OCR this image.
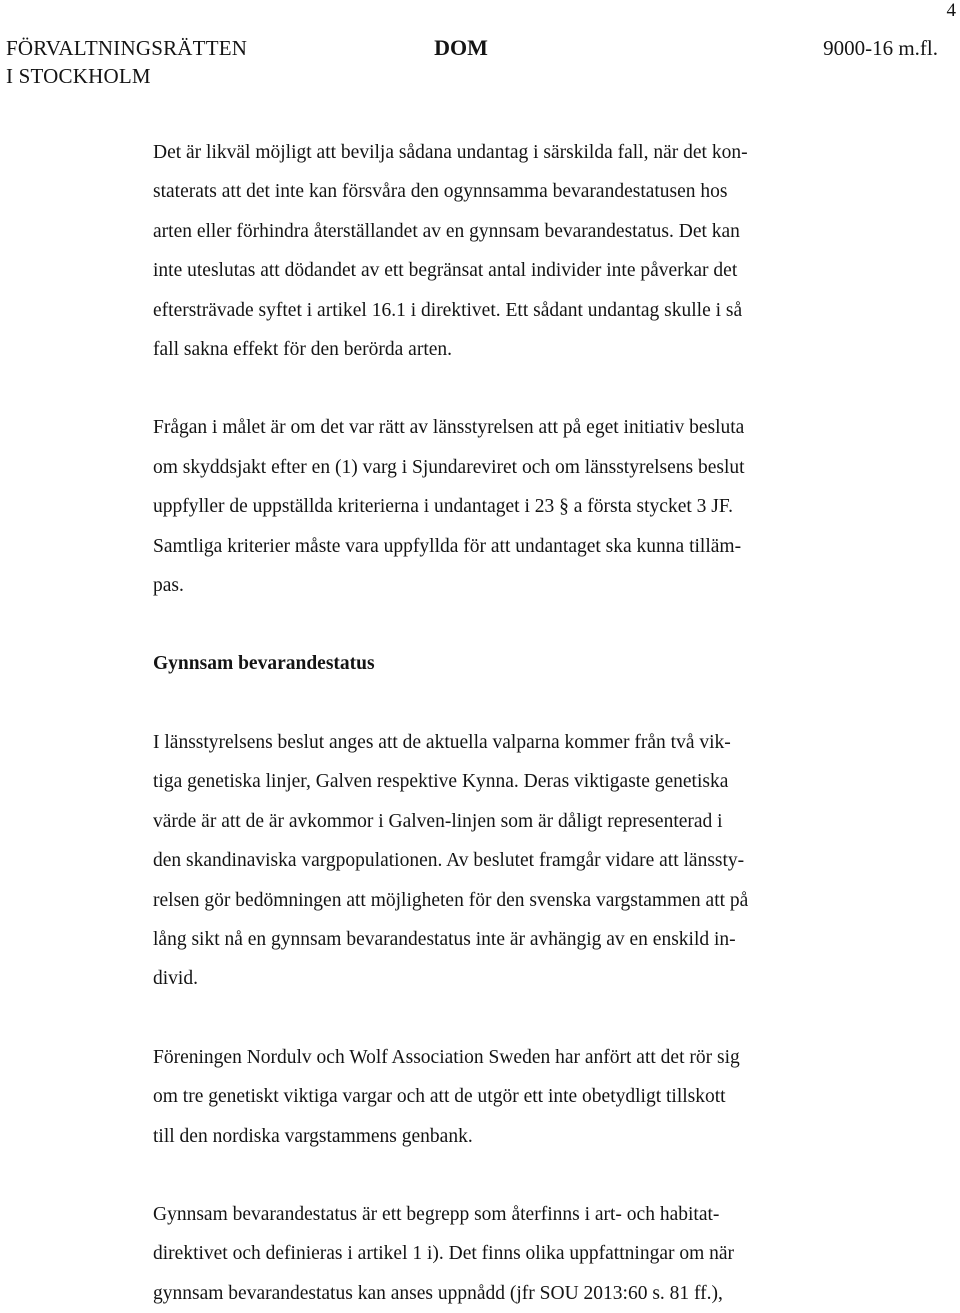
4
FÖRVALTNINGSRÄTTEN
I STOCKHOLM
DOM	9000-16 m.fl.

Det är likväl möjligt att bevilja sådana undantag i särskilda fall, när det kon-
staterats att det inte kan försvåra den ogynnsamma bevarandestatusen hos
arten eller förhindra återställandet av en gynnsam bevarandestatus. Det kan
inte uteslutas att dödandet av ett begränsat antal individer inte påverkar det
eftersträvade syftet i artikel 16.1 i direktivet. Ett sådant undantag skulle i så
fall sakna effekt för den berörda arten.

Frågan i målet är om det var rätt av länsstyrelsen att på eget initiativ besluta
om skyddsjakt efter en (1) varg i Sjundareviret och om länsstyrelsens beslut
uppfyller de uppställda kriterierna i undantaget i 23 § a första stycket 3 JF.
Samtliga kriterier måste vara uppfyllda för att undantaget ska kunna tilläm-
pas.

Gynnsam bevarandestatus

I länsstyrelsens beslut anges att de aktuella valparna kommer från två vik-
tiga genetiska linjer, Galven respektive Kynna. Deras viktigaste genetiska
värde är att de är avkommor i Galven-linjen som är dåligt representerad i
den skandinaviska vargpopulationen. Av beslutet framgår vidare att länssty-
relsen gör bedömningen att möjligheten för den svenska vargstammen att på
lång sikt nå en gynnsam bevarandestatus inte är avhängig av en enskild in-
divid.

Föreningen Nordulv och Wolf Association Sweden har anfört att det rör sig
om tre genetiskt viktiga vargar och att de utgör ett inte obetydligt tillskott
till den nordiska vargstammens genbank.

Gynnsam bevarandestatus är ett begrepp som återfinns i art- och habitat-
direktivet och definieras i artikel 1 i). Det finns olika uppfattningar om när
gynnsam bevarandestatus kan anses uppnådd (jfr SOU 2013:60 s. 81 ff.),
